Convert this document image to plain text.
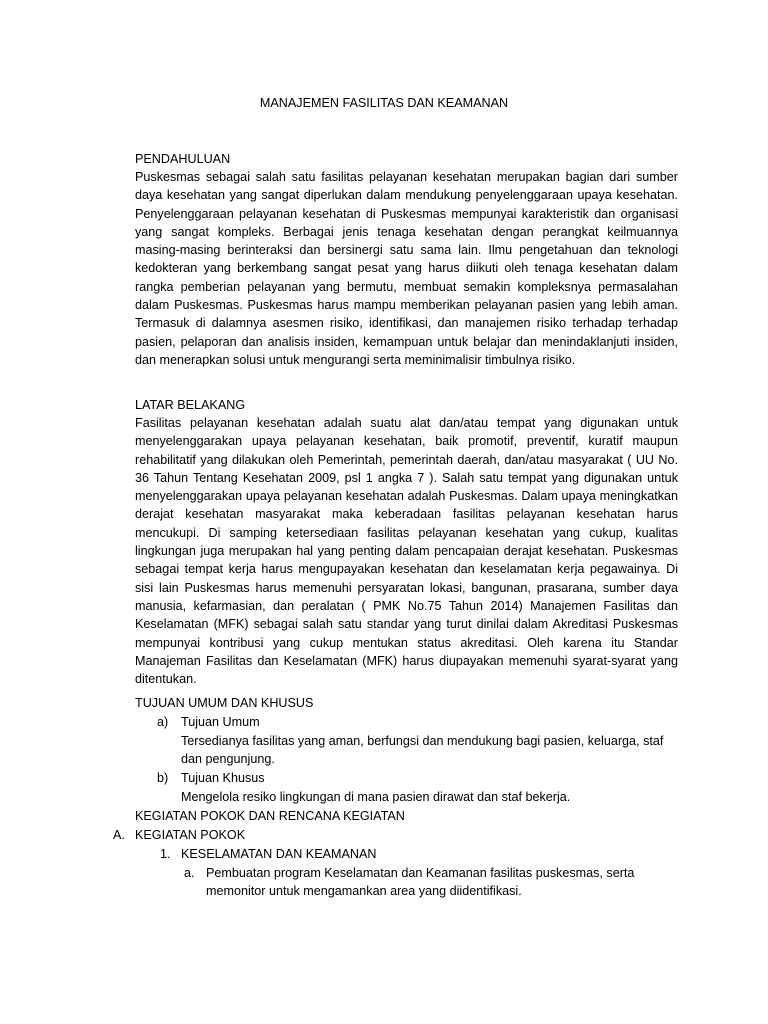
MANAJEMEN FASILITAS DAN KEAMANAN
PENDAHULUAN

Puskesmas sebagai salah satu fasilitas pelayanan kesehatan merupakan bagian dari sumber daya kesehatan yang sangat diperlukan dalam mendukung penyelenggaraan upaya kesehatan. Penyelenggaraan pelayanan kesehatan di Puskesmas mempunyai karakteristik dan organisasi yang sangat kompleks. Berbagai jenis tenaga kesehatan dengan perangkat keilmuannya masing-masing berinteraksi dan bersinergi satu sama lain. Ilmu pengetahuan dan teknologi kedokteran yang berkembang sangat pesat yang harus diikuti oleh tenaga kesehatan dalam rangka pemberian pelayanan yang bermutu, membuat semakin kompleksnya permasalahan dalam Puskesmas. Puskesmas harus mampu memberikan pelayanan pasien yang lebih aman. Termasuk di dalamnya asesmen risiko, identifikasi, dan manajemen risiko terhadap terhadap pasien, pelaporan dan analisis insiden, kemampuan untuk belajar dan menindaklanjuti insiden, dan menerapkan solusi untuk mengurangi serta meminimalisir timbulnya risiko.

LATAR BELAKANG

Fasilitas pelayanan kesehatan adalah suatu alat dan/atau tempat yang digunakan untuk menyelenggarakan upaya pelayanan kesehatan, baik promotif, preventif, kuratif maupun rehabilitatif yang dilakukan oleh Pemerintah, pemerintah daerah, dan/atau masyarakat ( UU No. 36 Tahun Tentang Kesehatan 2009, psl 1 angka 7 ). Salah satu tempat yang digunakan untuk menyelenggarakan upaya pelayanan kesehatan adalah Puskesmas. Dalam upaya meningkatkan derajat kesehatan masyarakat maka keberadaan fasilitas pelayanan kesehatan harus mencukupi. Di samping ketersediaan fasilitas pelayanan kesehatan yang cukup, kualitas lingkungan juga merupakan hal yang penting dalam pencapaian derajat kesehatan. Puskesmas sebagai tempat kerja harus mengupayakan kesehatan dan keselamatan kerja pegawainya. Di sisi lain Puskesmas harus memenuhi persyaratan lokasi, bangunan, prasarana, sumber daya manusia, kefarmasian, dan peralatan ( PMK No.75 Tahun 2014) Manajemen Fasilitas dan Keselamatan (MFK) sebagai salah satu standar yang turut dinilai dalam Akreditasi Puskesmas mempunyai kontribusi yang cukup mentukan status akreditasi. Oleh karena itu Standar Manajeman Fasilitas dan Keselamatan (MFK) harus diupayakan memenuhi syarat-syarat yang ditentukan.

TUJUAN UMUM DAN KHUSUS
a) Tujuan Umum
Tersedianya fasilitas yang aman, berfungsi dan mendukung bagi pasien, keluarga, staf dan pengunjung.
b) Tujuan Khusus
Mengelola resiko lingkungan di mana pasien dirawat dan staf bekerja.
KEGIATAN POKOK DAN RENCANA KEGIATAN
A. KEGIATAN POKOK
1. KESELAMATAN DAN KEAMANAN
a. Pembuatan program Keselamatan dan Keamanan fasilitas puskesmas, serta memonitor untuk mengamankan area yang diidentifikasi.
